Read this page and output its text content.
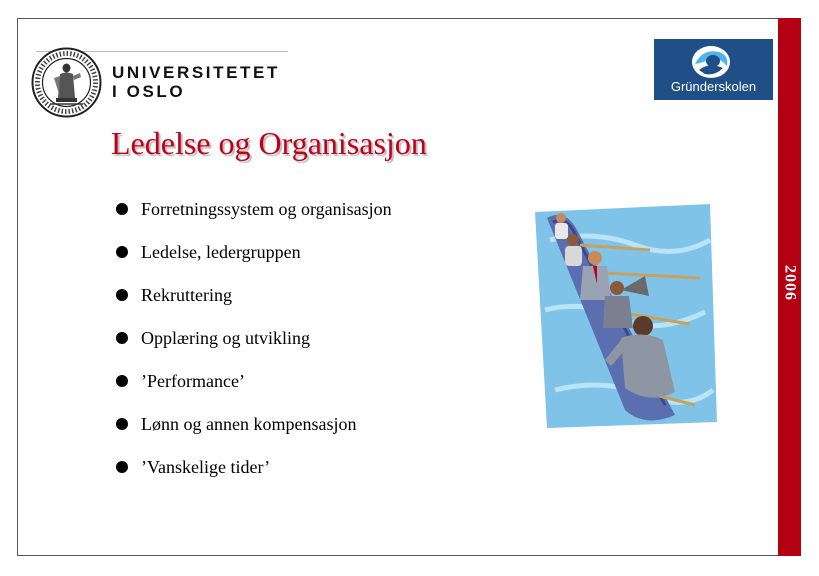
2006
UNIVERSITETET
I OSLO	Gründerskolen
Ledelse og Organisasjon
Forretningssystem og organisasjon
Ledelse, ledergruppen
Rekruttering
Opplæring og utvikling
’Performance’
Lønn og annen kompensasjon
’Vanskelige tider’
